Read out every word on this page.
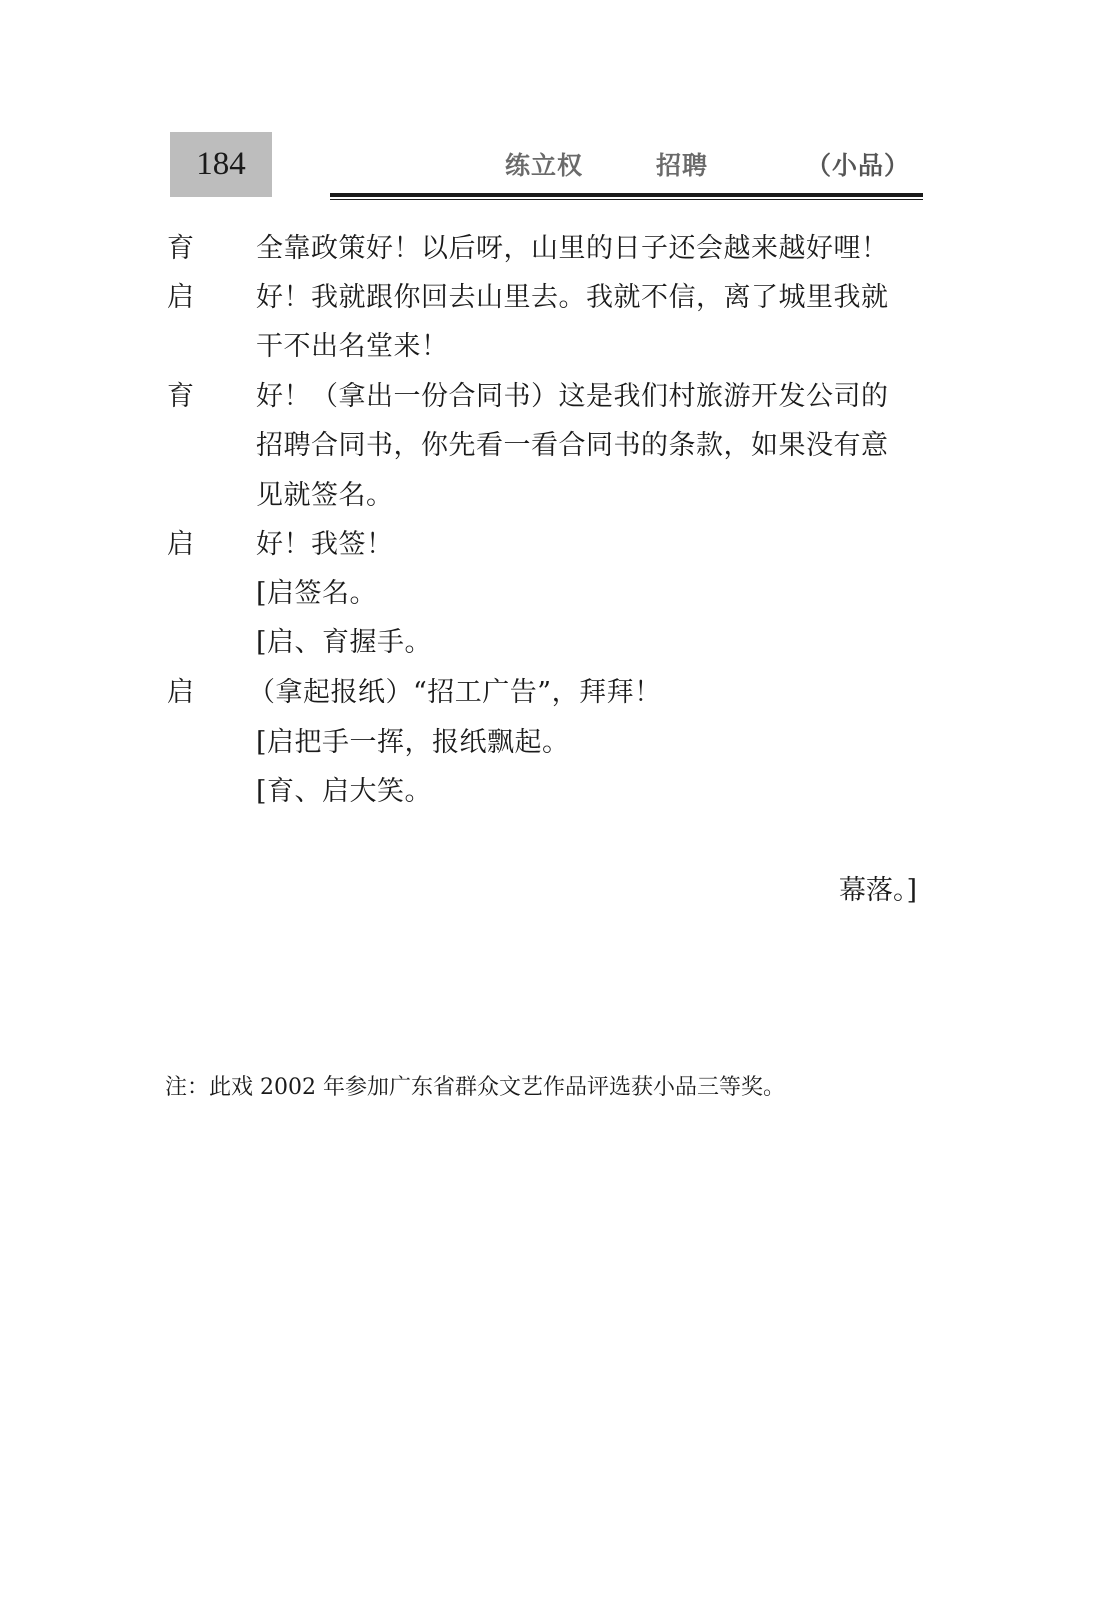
184	练立权	招聘	（小品）
育 全靠政策好！以后呀，山里的日子还会越来越好哩！
启 好！我就跟你回去山里去。我就不信，离了城里我就
干不出名堂来！
育 好！（拿出一份合同书）这是我们村旅游开发公司的
招聘合同书，你先看一看合同书的条款，如果没有意
见就签名。
启 好！我签！
[启签名。
[启、育握手。
启 （拿起报纸）“招工广告”，拜拜！
[启把手一挥，报纸飘起。
[育、启大笑。
幕落。]
注：此戏 2002 年参加广东省群众文艺作品评选获小品三等奖。
